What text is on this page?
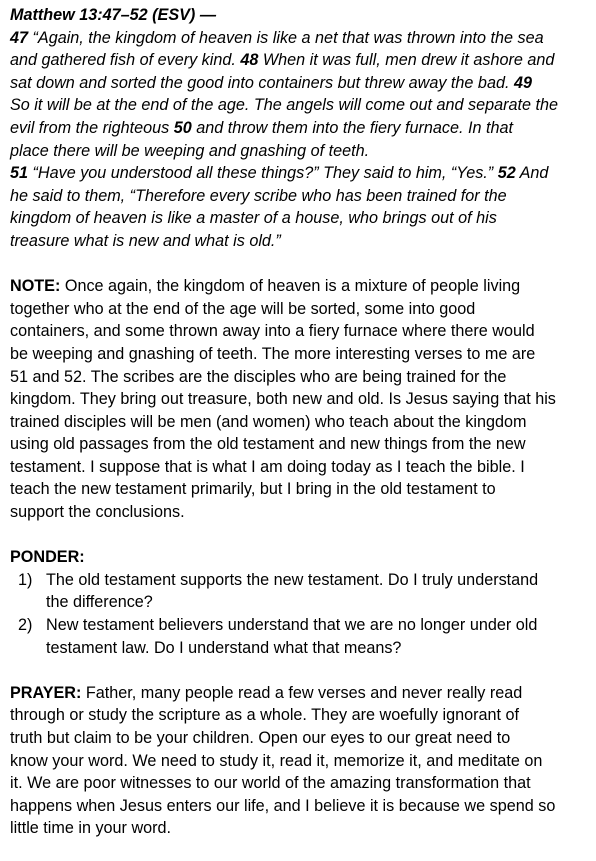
Matthew 13:47–52 (ESV) —
47 “Again, the kingdom of heaven is like a net that was thrown into the sea
and gathered fish of every kind. 48 When it was full, men drew it ashore and
sat down and sorted the good into containers but threw away the bad. 49
So it will be at the end of the age. The angels will come out and separate the
evil from the righteous 50 and throw them into the fiery furnace. In that
place there will be weeping and gnashing of teeth.
51 “Have you understood all these things?” They said to him, “Yes.” 52 And
he said to them, “Therefore every scribe who has been trained for the
kingdom of heaven is like a master of a house, who brings out of his
treasure what is new and what is old.”
NOTE: Once again, the kingdom of heaven is a mixture of people living
together who at the end of the age will be sorted, some into good
containers, and some thrown away into a fiery furnace where there would
be weeping and gnashing of teeth. The more interesting verses to me are
51 and 52. The scribes are the disciples who are being trained for the
kingdom. They bring out treasure, both new and old. Is Jesus saying that his
trained disciples will be men (and women) who teach about the kingdom
using old passages from the old testament and new things from the new
testament. I suppose that is what I am doing today as I teach the bible. I
teach the new testament primarily, but I bring in the old testament to
support the conclusions.
PONDER:
1) The old testament supports the new testament. Do I truly understand
the difference?
2) New testament believers understand that we are no longer under old
testament law. Do I understand what that means?
PRAYER: Father, many people read a few verses and never really read
through or study the scripture as a whole. They are woefully ignorant of
truth but claim to be your children. Open our eyes to our great need to
know your word. We need to study it, read it, memorize it, and meditate on
it. We are poor witnesses to our world of the amazing transformation that
happens when Jesus enters our life, and I believe it is because we spend so
little time in your word.
